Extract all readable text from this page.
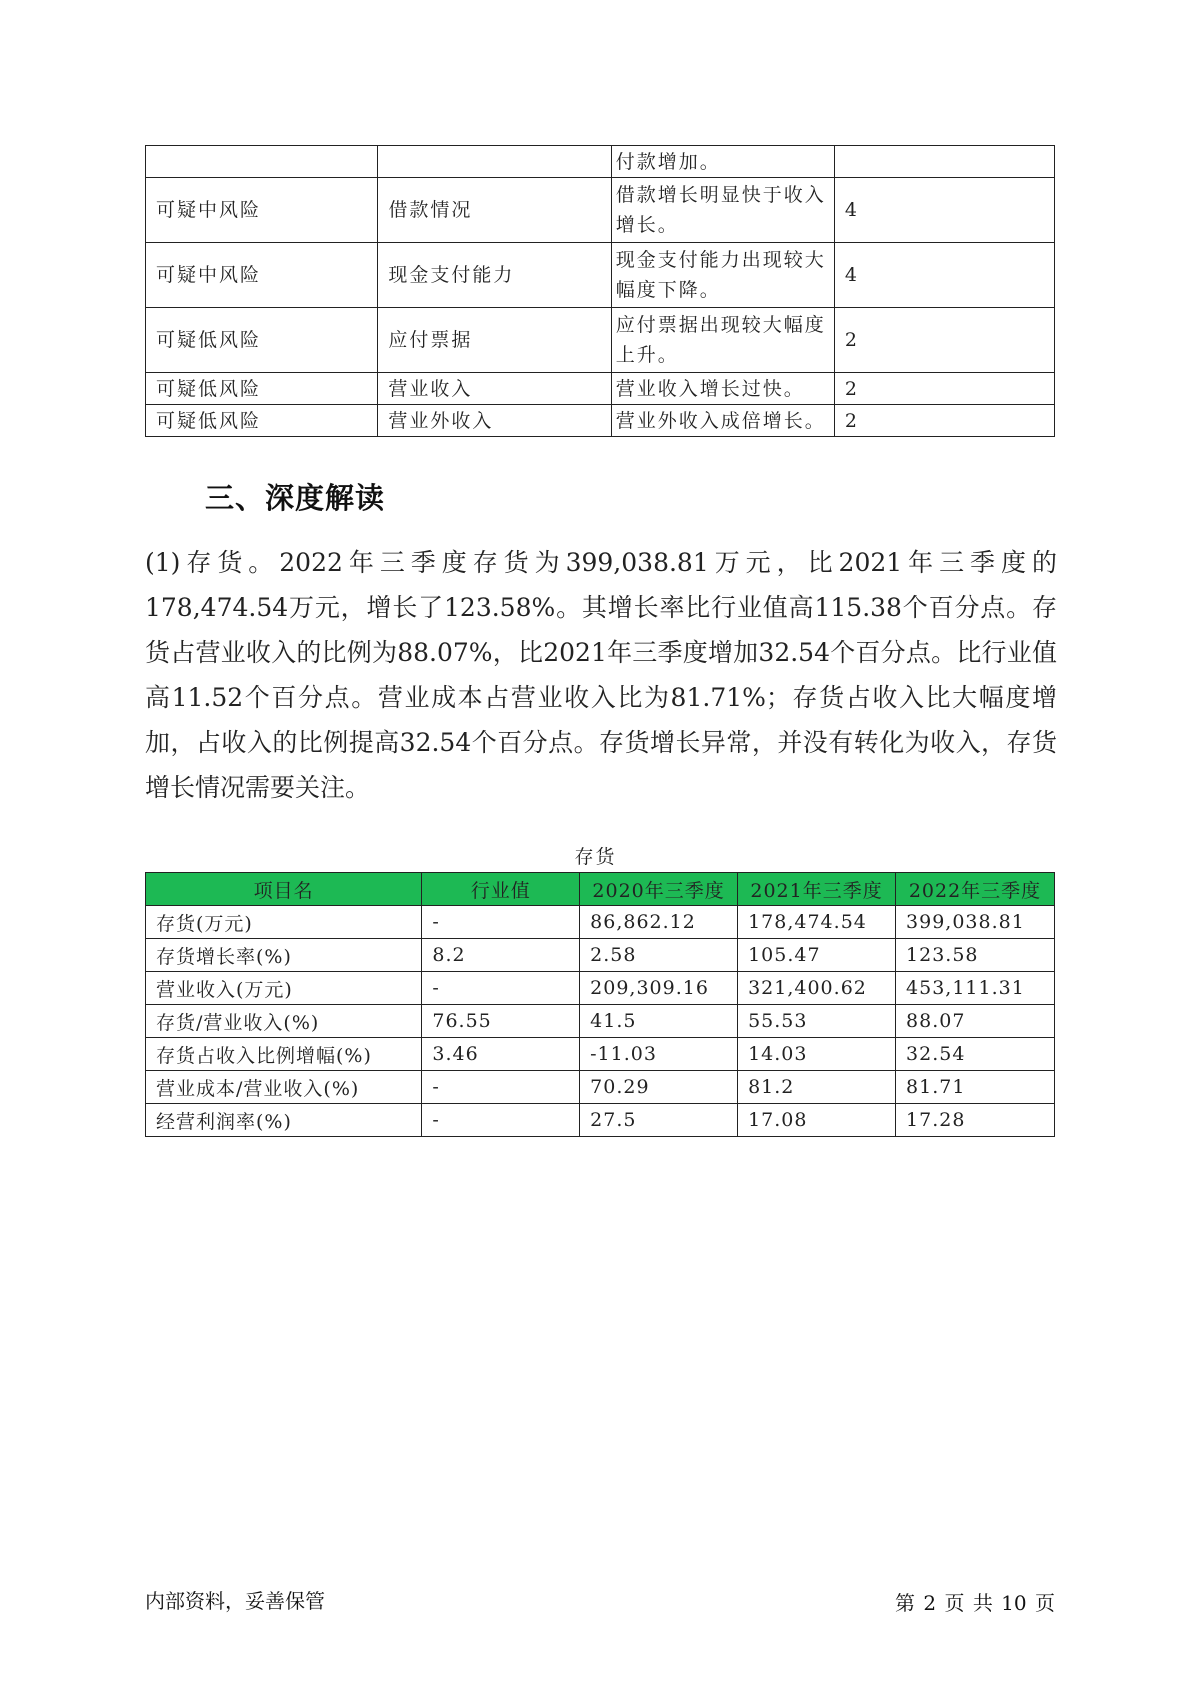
		付款增加。	
可疑中风险	借款情况	借款增长明显快于收入增长。	4
可疑中风险	现金支付能力	现金支付能力出现较大幅度下降。	4
可疑低风险	应付票据	应付票据出现较大幅度上升。	2
可疑低风险	营业收入	营业收入增长过快。	2
可疑低风险	营业外收入	营业外收入成倍增长。	2
三、深度解读

(1)存货。2022年三季度存货为399,038.81万元，比2021年三季度的178,474.54万元，增长了123.58%。其增长率比行业值高115.38个百分点。存货占营业收入的比例为88.07%，比2021年三季度增加32.54个百分点。比行业值高11.52个百分点。营业成本占营业收入比为81.71%；存货占收入比大幅度增加，占收入的比例提高32.54个百分点。存货增长异常，并没有转化为收入，存货增长情况需要关注。

存货
项目名	行业值	2020年三季度	2021年三季度	2022年三季度
存货(万元)	-	86,862.12	178,474.54	399,038.81
存货增长率(%)	8.2	2.58	105.47	123.58
营业收入(万元)	-	209,309.16	321,400.62	453,111.31
存货/营业收入(%)	76.55	41.5	55.53	88.07
存货占收入比例增幅(%)	3.46	-11.03	14.03	32.54
营业成本/营业收入(%)	-	70.29	81.2	81.71
经营利润率(%)	-	27.5	17.08	17.28
内部资料，妥善保管	第 2 页 共 10 页
